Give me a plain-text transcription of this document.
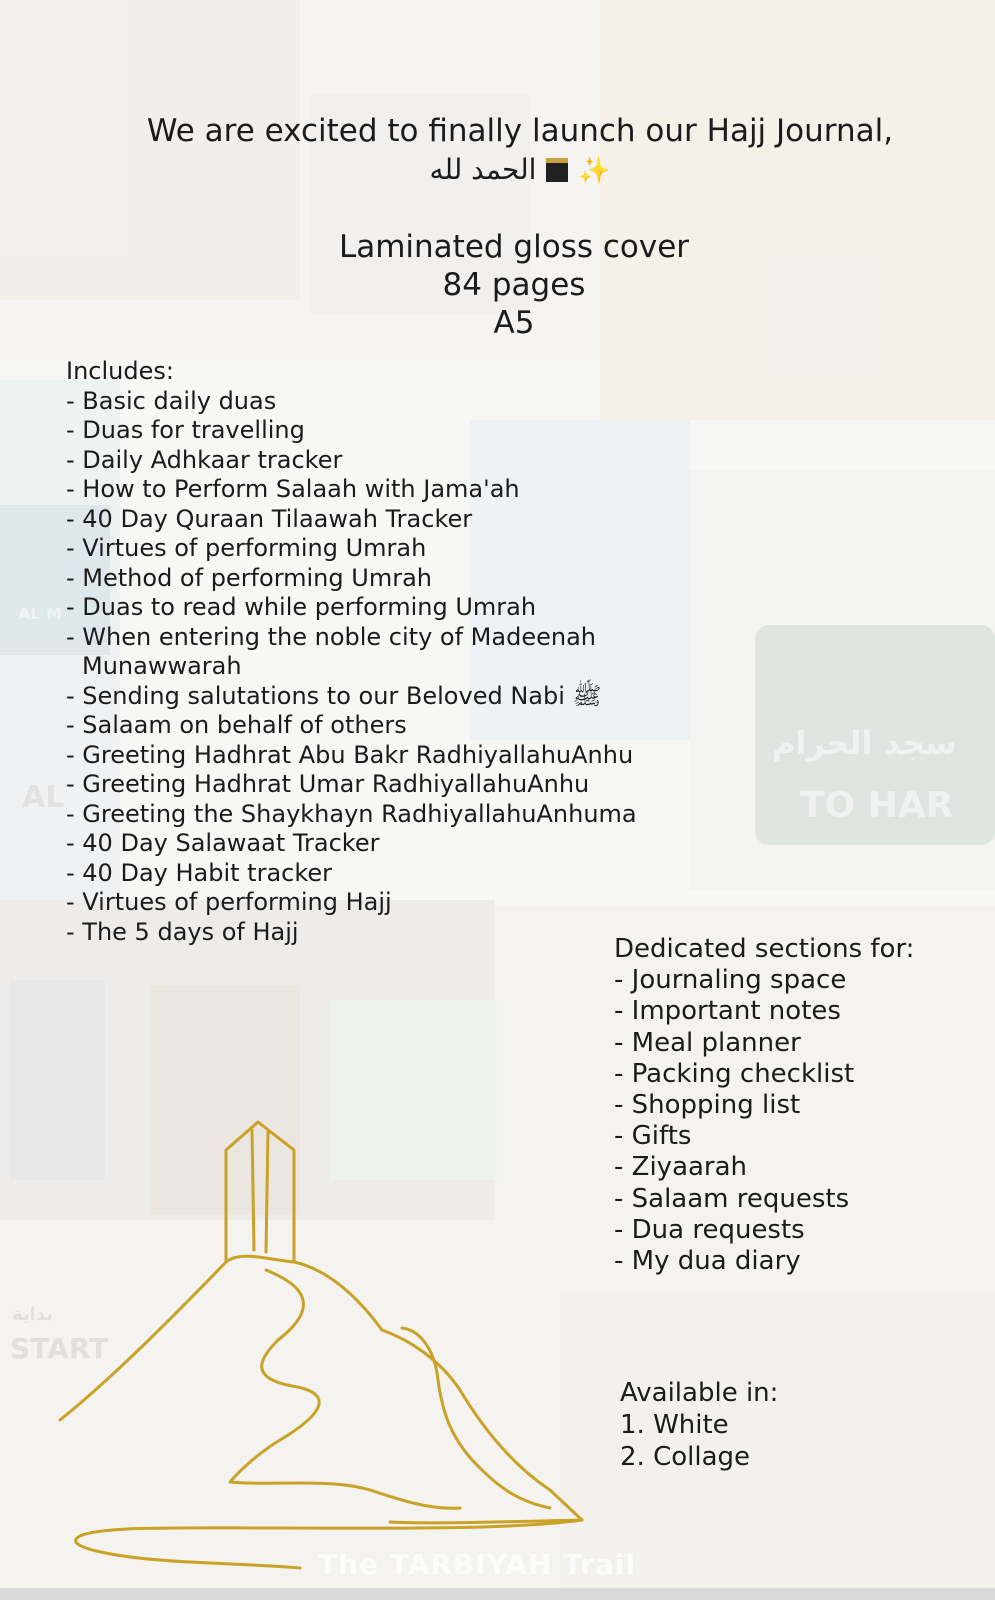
We are excited to finally launch our Hajj Journal,
الحمد لله ✨
Laminated gloss cover
84 pages
A5
Includes:
- Basic daily duas
- Duas for travelling
- Daily Adhkaar tracker
- How to Perform Salaah with Jama'ah
- 40 Day Quraan Tilaawah Tracker
- Virtues of performing Umrah
- Method of performing Umrah
- Duas to read while performing Umrah
- When entering the noble city of Madeenah
Munawwarah
- Sending salutations to our Beloved Nabi ﷺ
- Salaam on behalf of others
- Greeting Hadhrat Abu Bakr RadhiyallahuAnhu
- Greeting Hadhrat Umar RadhiyallahuAnhu
- Greeting the Shaykhayn RadhiyallahuAnhuma
- 40 Day Salawaat Tracker
- 40 Day Habit tracker
- Virtues of performing Hajj
- The 5 days of Hajj
Dedicated sections for:
- Journaling space
- Important notes
- Meal planner
- Packing checklist
- Shopping list
- Gifts
- Ziyaarah
- Salaam requests
- Dua requests
- My dua diary
Available in:
1. White
2. Collage
The TARBIYAH Trail
